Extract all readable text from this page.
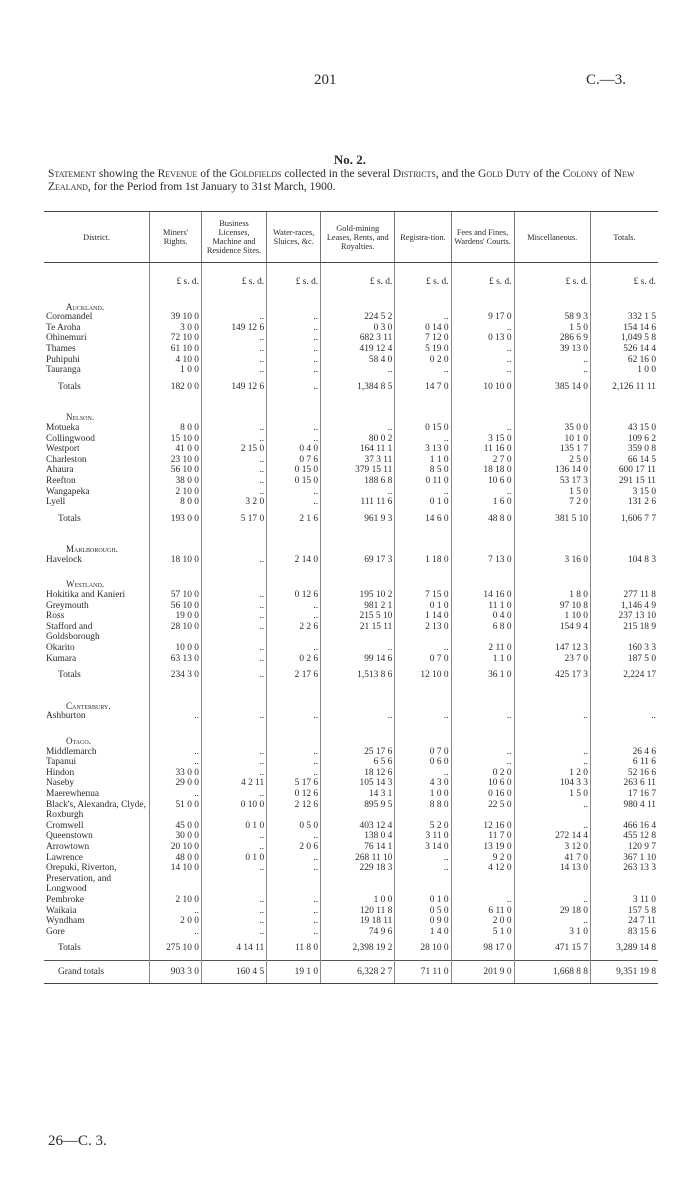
201	C.—3.
No. 2.
Statement showing the Revenue of the Goldfields collected in the several Districts, and the Gold Duty of the Colony of New Zealand, for the Period from 1st January to 31st March, 1900.
District.	Miners' Rights.	Business Licenses, Machine and Residence Sites.	Water-races, Sluices, &c.	Gold-mining Leases, Rents, and Royalties.	Registra-tion.	Fees and Fines, Wardens' Courts.	Miscellaneous.	Totals.
	£ s. d.	£ s. d.	£ s. d.	£ s. d.	£ s. d.	£ s. d.	£ s. d.	£ s. d.
Auckland.								
Coromandel	39 10 0	..	..	224 5 2	..	9 17 0	58 9 3	332 1 5
Te Aroha	3 0 0	149 12 6	..	0 3 0	0 14 0	..	1 5 0	154 14 6
Ohinemuri	72 10 0	..	..	682 3 11	7 12 0	0 13 0	286 6 9	1,049 5 8
Thames	61 10 0	..	..	419 12 4	5 19 0	..	39 13 0	526 14 4
Puhipuhi	4 10 0	..	..	58 4 0	0 2 0	..	..	62 16 0
Tauranga	1 0 0	..	..	..	..	..	..	1 0 0
Totals	182 0 0	149 12 6	..	1,384 8 5	14 7 0	10 10 0	385 14 0	2,126 11 11
Nelson.								
Motueka	8 0 0	..	..	..	0 15 0	..	35 0 0	43 15 0
Collingwood	15 10 0	..	..	80 0 2	..	3 15 0	10 1 0	109 6 2
Westport	41 0 0	2 15 0	0 4 0	164 11 1	3 13 0	11 16 0	135 1 7	359 0 8
Charleston	23 10 0	..	0 7 6	37 3 11	1 1 0	2 7 0	2 5 0	66 14 5
Ahaura	56 10 0	..	0 15 0	379 15 11	8 5 0	18 18 0	136 14 0	600 17 11
Reefton	38 0 0	..	0 15 0	188 6 8	0 11 0	10 6 0	53 17 3	291 15 11
Wangapeka	2 10 0	..	..	..	..	..	1 5 0	3 15 0
Lyell	8 0 0	3 2 0	..	111 11 6	0 1 0	1 6 0	7 2 0	131 2 6
Totals	193 0 0	5 17 0	2 1 6	961 9 3	14 6 0	48 8 0	381 5 10	1,606 7 7
Marlborough.								
Havelock	18 10 0	..	2 14 0	69 17 3	1 18 0	7 13 0	3 16 0	104 8 3
Westland.								
Hokitika and Kanieri	57 10 0	..	0 12 6	195 10 2	7 15 0	14 16 0	1 8 0	277 11 8
Greymouth	56 10 0	..	..	981 2 1	0 1 0	11 1 0	97 10 8	1,146 4 9
Ross	19 0 0	..	..	215 5 10	1 14 0	0 4 0	1 10 0	237 13 10
Stafford and Goldsborough	28 10 0	..	2 2 6	21 15 11	2 13 0	6 8 0	154 9 4	215 18 9
Okarito	10 0 0	..	..	..	..	2 11 0	147 12 3	160 3 3
Kumara	63 13 0	..	0 2 6	99 14 6	0 7 0	1 1 0	23 7 0	187 5 0
Totals	234 3 0	..	2 17 6	1,513 8 6	12 10 0	36 1 0	425 17 3	2,224 17
Canterbury.								
Ashburton	..	..	..	..	..	..	..	..
Otago.								
Middlemarch	..	..	..	25 17 6	0 7 0	..	..	26 4 6
Tapanui	..	..	..	6 5 6	0 6 0	..	..	6 11 6
Hindon	33 0 0	..	..	18 12 6	..	0 2 0	1 2 0	52 16 6
Naseby	29 0 0	4 2 11	5 17 6	105 14 3	4 3 0	10 6 0	104 3 3	263 6 11
Maerewhenua	..	..	0 12 6	14 3 1	1 0 0	0 16 0	1 5 0	17 16 7
Black's, Alexandra, Clyde, Roxburgh	51 0 0	0 10 0	2 12 6	895 9 5	8 8 0	22 5 0	..	980 4 11
Cromwell	45 0 0	0 1 0	0 5 0	403 12 4	5 2 0	12 16 0	..	466 16 4
Queenstown	30 0 0	..	..	138 0 4	3 11 0	11 7 0	272 14 4	455 12 8
Arrowtown	20 10 0	..	2 0 6	76 14 1	3 14 0	13 19 0	3 12 0	120 9 7
Lawrence	48 0 0	0 1 0	..	268 11 10	..	9 2 0	41 7 0	367 1 10
Orepuki, Riverton, Preservation, and Longwood	14 10 0	..	..	229 18 3	..	4 12 0	14 13 0	263 13 3
Pembroke	2 10 0	..	..	1 0 0	0 1 0	..	..	3 11 0
Waikaia	..	..	..	120 11 8	0 5 0	6 11 0	29 18 0	157 5 8
Wyndham	2 0 0	..	..	19 18 11	0 9 0	2 0 0	..	24 7 11
Gore	..	..	..	74 9 6	1 4 0	5 1 0	3 1 0	83 15 6
Totals	275 10 0	4 14 11	11 8 0	2,398 19 2	28 10 0	98 17 0	471 15 7	3,289 14 8
Grand totals	903 3 0	160 4 5	19 1 0	6,328 2 7	71 11 0	201 9 0	1,668 8 8	9,351 19 8
26—C. 3.
